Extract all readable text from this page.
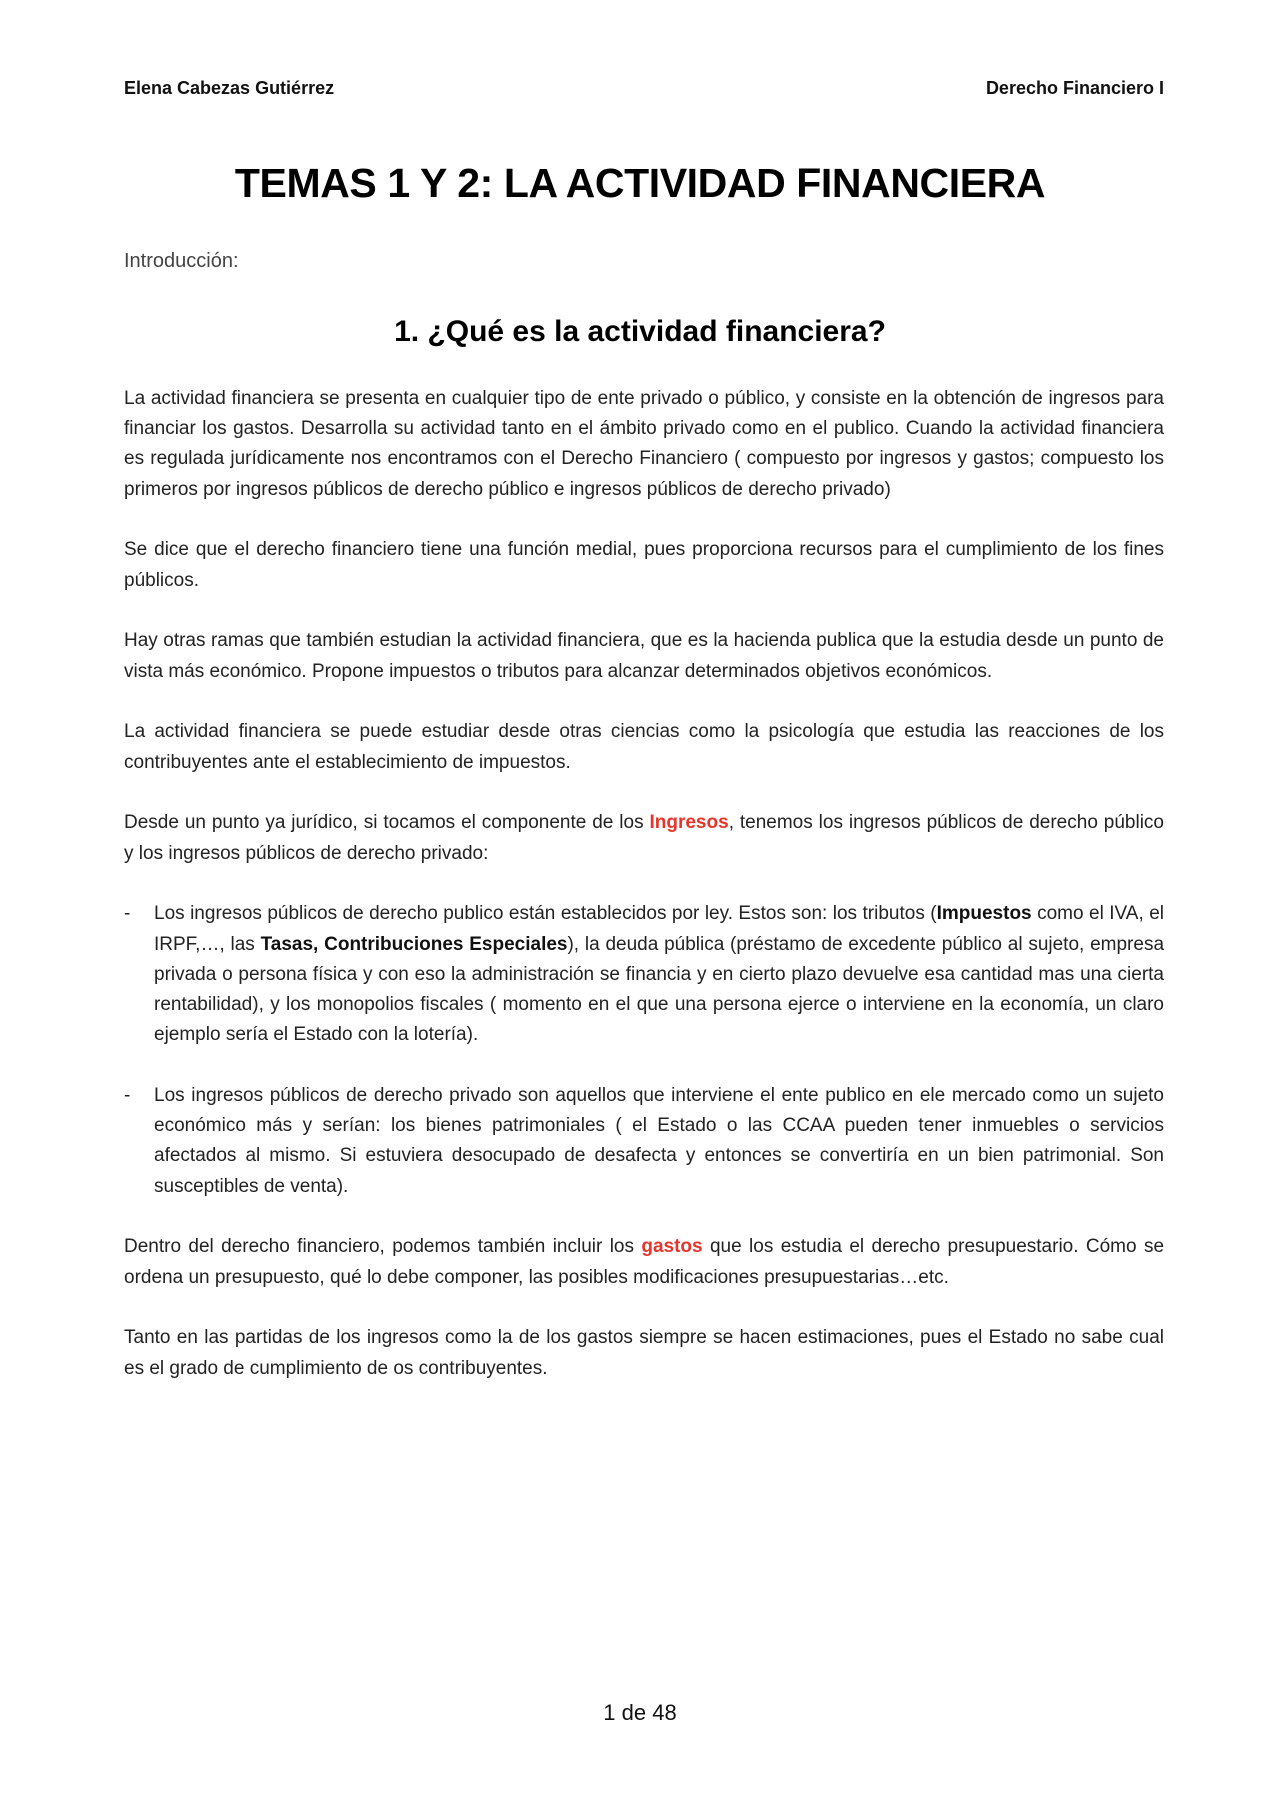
Elena Cabezas Gutiérrez	Derecho Financiero I
TEMAS 1 Y 2: LA ACTIVIDAD FINANCIERA
Introducción:
1. ¿Qué es la actividad financiera?

La actividad financiera se presenta en cualquier tipo de ente privado o público, y consiste en la obtención de ingresos para financiar los gastos. Desarrolla su actividad tanto en el ámbito privado como en el publico. Cuando la actividad financiera es regulada jurídicamente nos encontramos con el Derecho Financiero ( compuesto por ingresos y gastos; compuesto los primeros por ingresos públicos de derecho público e ingresos públicos de derecho privado)

Se dice que el derecho financiero tiene una función medial, pues proporciona recursos para el cumplimiento de los fines públicos.

Hay otras ramas que también estudian la actividad financiera, que es la hacienda publica que la estudia desde un punto de vista más económico. Propone impuestos o tributos para alcanzar determinados objetivos económicos.

La actividad financiera se puede estudiar desde otras ciencias como la psicología que estudia las reacciones de los contribuyentes ante el establecimiento de impuestos.

Desde un punto ya jurídico, si tocamos el componente de los Ingresos, tenemos los ingresos públicos de derecho público y los ingresos públicos de derecho privado:

-	Los ingresos públicos de derecho publico están establecidos por ley. Estos son: los tributos (Impuestos como el IVA, el IRPF,…, las Tasas, Contribuciones Especiales), la deuda pública (préstamo de excedente público al sujeto, empresa privada o persona física y con eso la administración se financia y en cierto plazo devuelve esa cantidad mas una cierta rentabilidad), y los monopolios fiscales ( momento en el que una persona ejerce o interviene en la economía, un claro ejemplo sería el Estado con la lotería).
-	Los ingresos públicos de derecho privado son aquellos que interviene el ente publico en ele mercado como un sujeto económico más y serían: los bienes patrimoniales ( el Estado o las CCAA pueden tener inmuebles o servicios afectados al mismo. Si estuviera desocupado de desafecta y entonces se convertiría en un bien patrimonial. Son susceptibles de venta).

Dentro del derecho financiero, podemos también incluir los gastos que los estudia el derecho presupuestario. Cómo se ordena un presupuesto, qué lo debe componer, las posibles modificaciones presupuestarias…etc.

Tanto en las partidas de los ingresos como la de los gastos siempre se hacen estimaciones, pues el Estado no sabe cual es el grado de cumplimiento de os contribuyentes.

1 de 48
